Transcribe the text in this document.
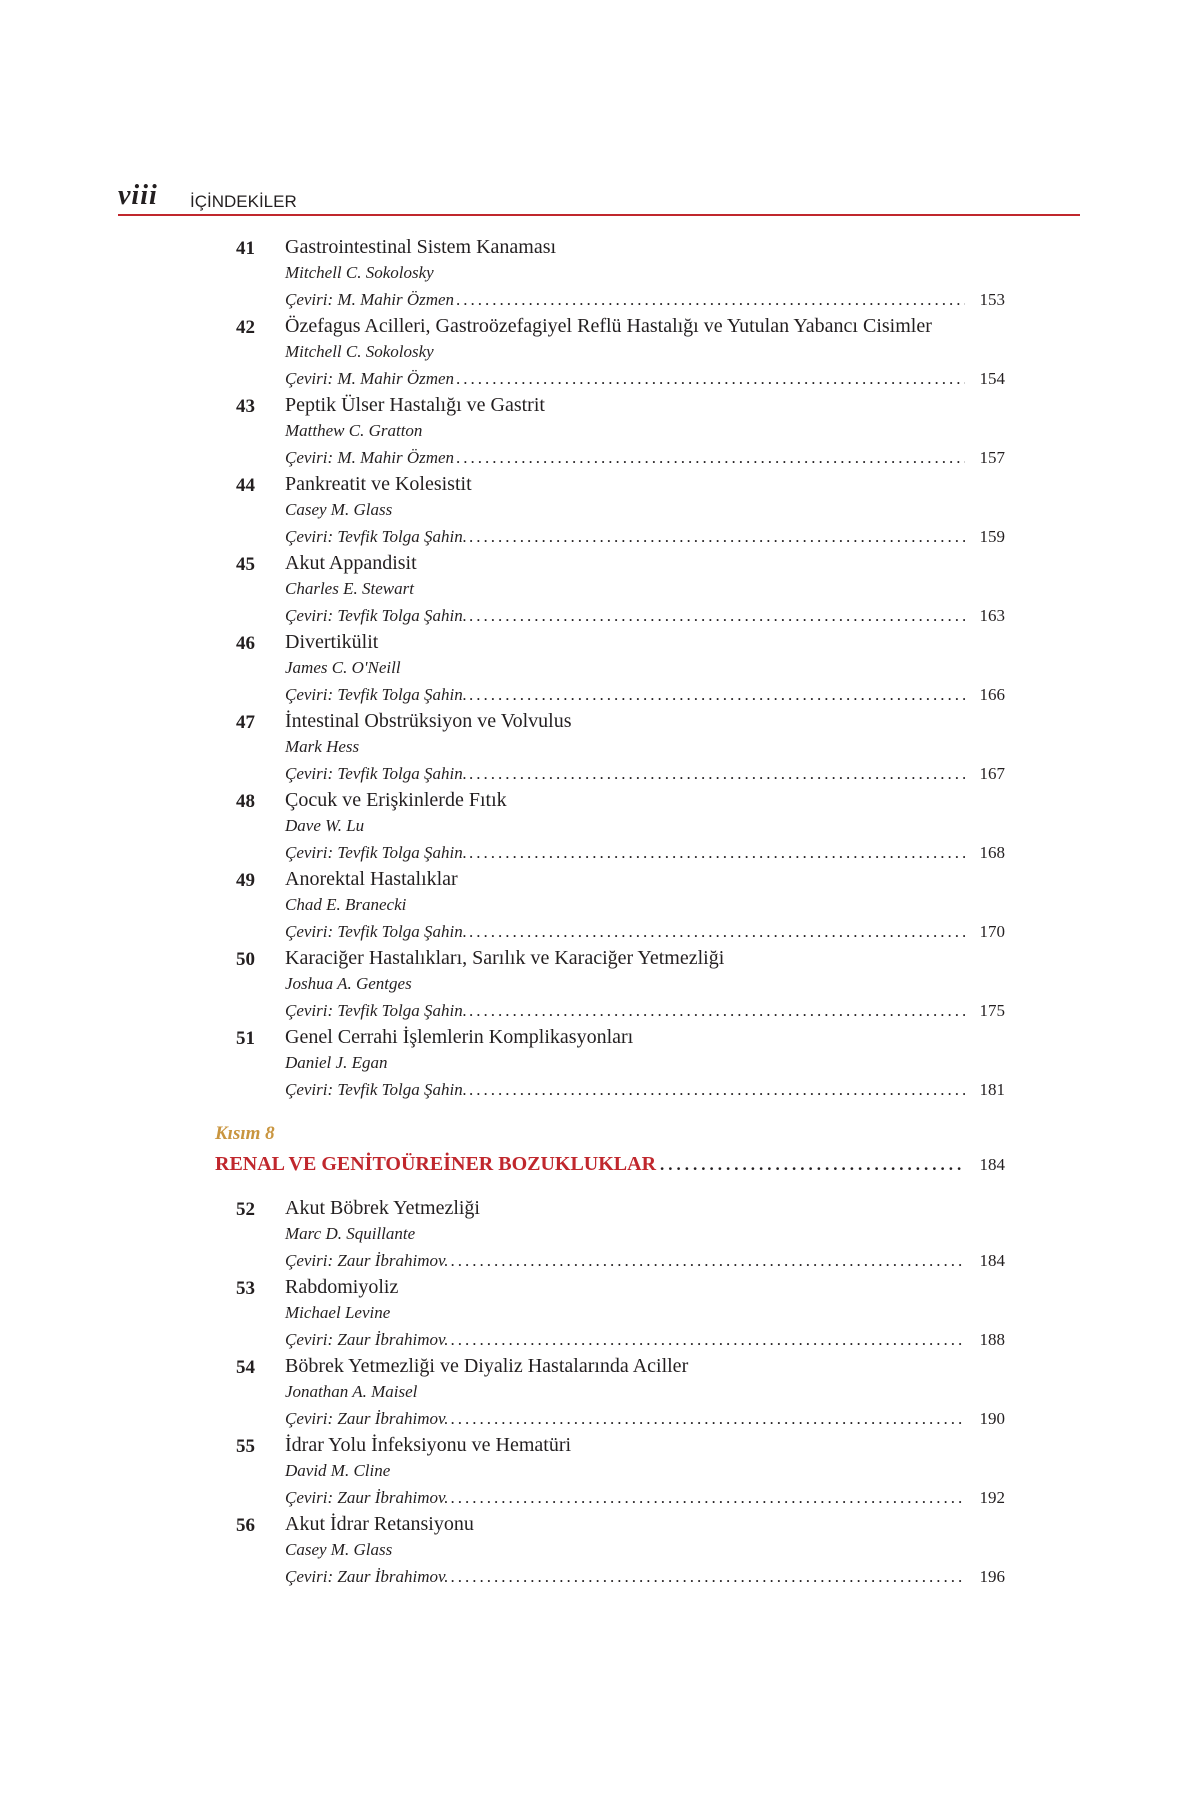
viii İÇİNDEKİLER
41 Gastrointestinal Sistem Kanaması
Mitchell C. Sokolosky
Çeviri: M. Mahir Özmen .....	153
42 Özefagus Acilleri, Gastroözefagiyel Reflü Hastalığı ve Yutulan Yabancı Cisimler
Mitchell C. Sokolosky
Çeviri: M. Mahir Özmen .....	154
43 Peptik Ülser Hastalığı ve Gastrit
Matthew C. Gratton
Çeviri: M. Mahir Özmen .....	157
44 Pankreatit ve Kolesistit
Casey M. Glass
Çeviri: Tevfik Tolga Şahin. .....	159
45 Akut Appandisit
Charles E. Stewart
Çeviri: Tevfik Tolga Şahin. .....	163
46 Divertikülit
James C. O'Neill
Çeviri: Tevfik Tolga Şahin. .....	166
47 İntestinal Obstrüksiyon ve Volvulus
Mark Hess
Çeviri: Tevfik Tolga Şahin. .....	167
48 Çocuk ve Erişkinlerde Fıtık
Dave W. Lu
Çeviri: Tevfik Tolga Şahin. .....	168
49 Anorektal Hastalıklar
Chad E. Branecki
Çeviri: Tevfik Tolga Şahin. .....	170
50 Karaciğer Hastalıkları, Sarılık ve Karaciğer Yetmezliği
Joshua A. Gentges
Çeviri: Tevfik Tolga Şahin. .....	175
51 Genel Cerrahi İşlemlerin Komplikasyonları
Daniel J. Egan
Çeviri: Tevfik Tolga Şahin. .....	181
Kısım 8
RENAL VE GENİTOÜREİNER BOZUKLUKLAR .....	184
52 Akut Böbrek Yetmezliği
Marc D. Squillante
Çeviri: Zaur İbrahimov. .....	184
53 Rabdomiyoliz
Michael Levine
Çeviri: Zaur İbrahimov. .....	188
54 Böbrek Yetmezliği ve Diyaliz Hastalarında Aciller
Jonathan A. Maisel
Çeviri: Zaur İbrahimov. .....	190
55 İdrar Yolu İnfeksiyonu ve Hematüri
David M. Cline
Çeviri: Zaur İbrahimov. .....	192
56 Akut İdrar Retansiyonu
Casey M. Glass
Çeviri: Zaur İbrahimov. .....	196
